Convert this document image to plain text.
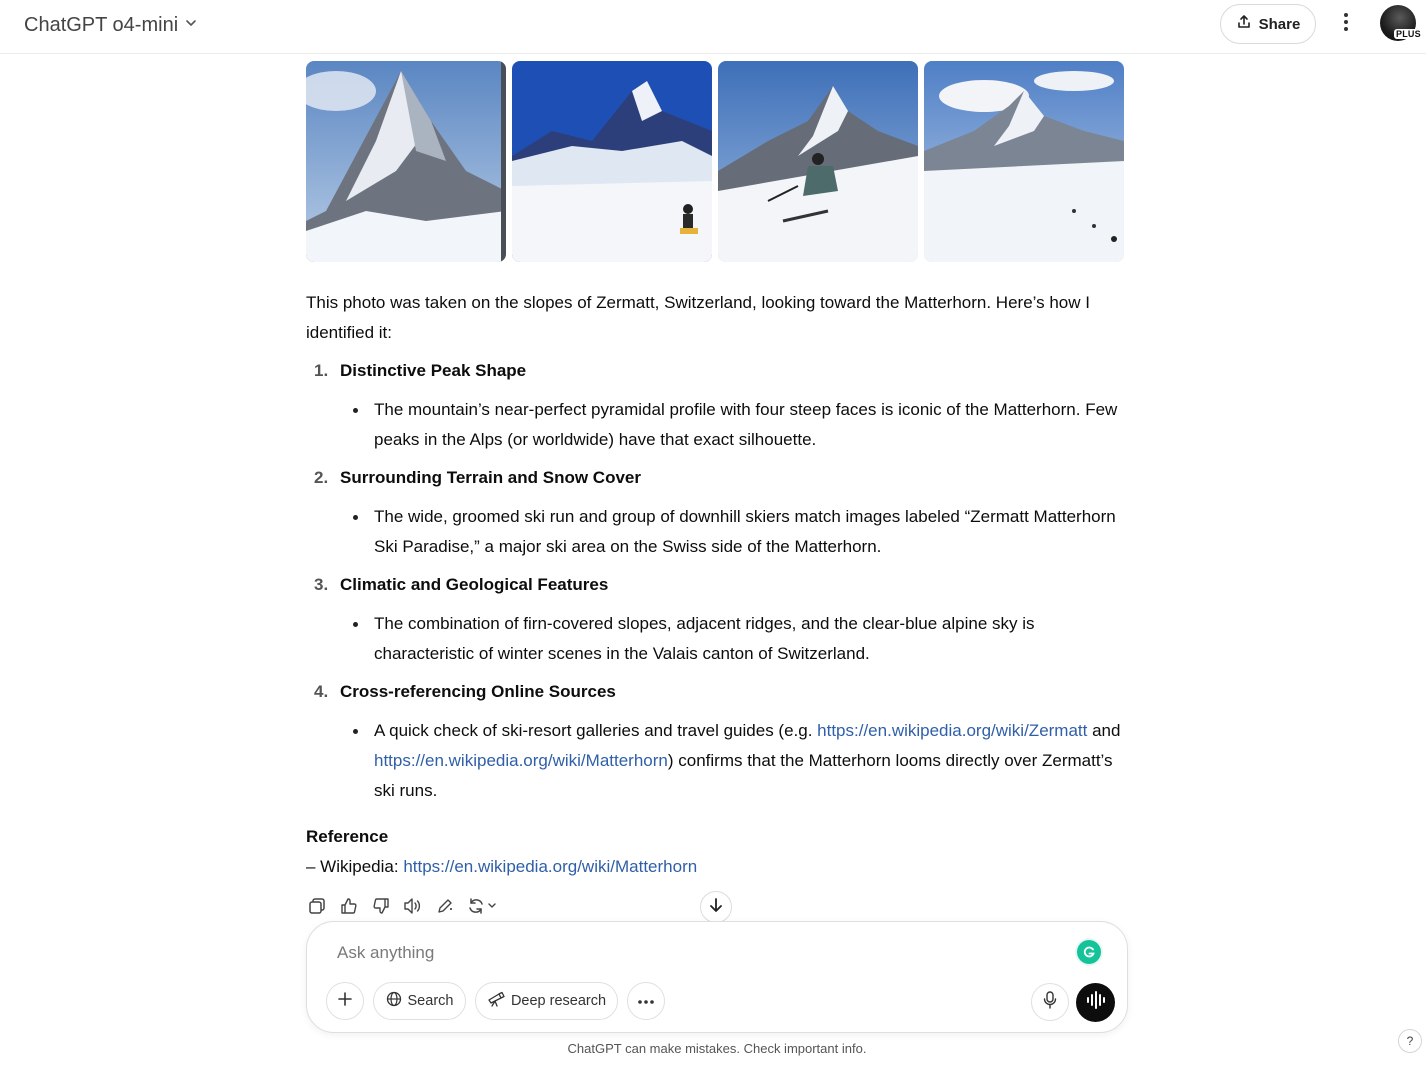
ChatGPT o4-mini	Share
PLUS

This photo was taken on the slopes of Zermatt, Switzerland, looking toward the Matterhorn. Here’s how I identified it:

1. Distinctive Peak Shape
The mountain’s near-perfect pyramidal profile with four steep faces is iconic of the Matterhorn. Few peaks in the Alps (or worldwide) have that exact silhouette.
2. Surrounding Terrain and Snow Cover
The wide, groomed ski run and group of downhill skiers match images labeled “Zermatt Matterhorn Ski Paradise,” a major ski area on the Swiss side of the Matterhorn.
3. Climatic and Geological Features
The combination of firn-covered slopes, adjacent ridges, and the clear-blue alpine sky is characteristic of winter scenes in the Valais canton of Switzerland.
4. Cross-referencing Online Sources
A quick check of ski-resort galleries and travel guides (e.g. https://en.wikipedia.org/wiki/Zermatt and https://en.wikipedia.org/wiki/Matterhorn) confirms that the Matterhorn looms directly over Zermatt’s ski runs.
Reference
– Wikipedia: https://en.wikipedia.org/wiki/Matterhorn
Ask anything
Search	Deep research
ChatGPT can make mistakes. Check important info.	?
